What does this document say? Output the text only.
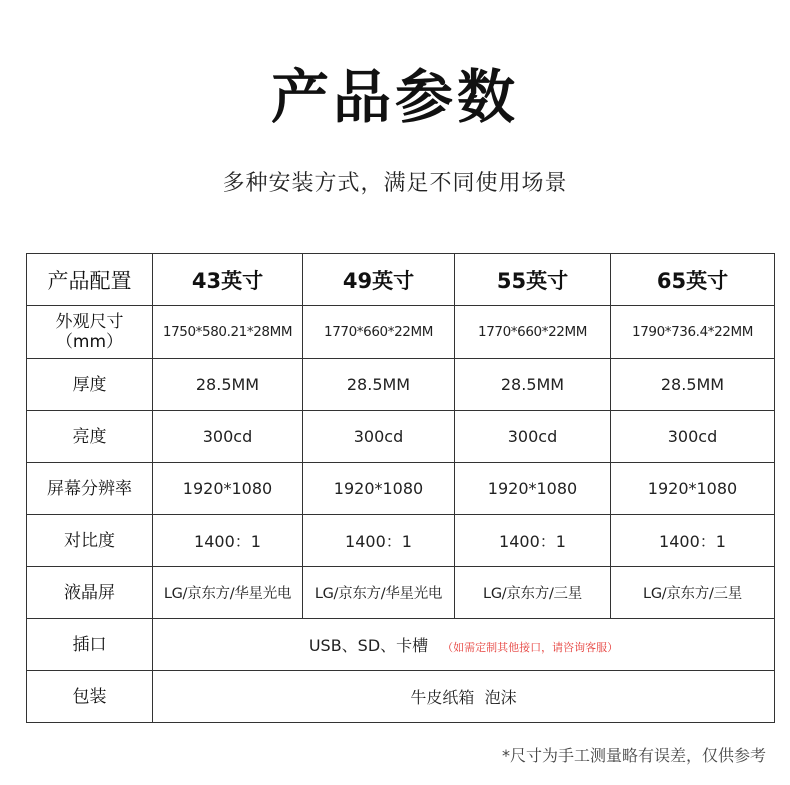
产品参数
多种安装方式，满足不同使用场景
产品配置	43英寸	49英寸	55英寸	65英寸

外观尺寸
（mm）	1750*580.21*28MM	1770*660*22MM	1770*660*22MM	1790*736.4*22MM
厚度	28.5MM	28.5MM	28.5MM	28.5MM
亮度	300cd	300cd	300cd	300cd
屏幕分辨率	1920*1080	1920*1080	1920*1080	1920*1080
对比度	1400：1	1400：1	1400：1	1400：1
液晶屏	LG/京东方/华星光电	LG/京东方/华星光电	LG/京东方/三星	LG/京东方/三星
插口	USB、SD、卡槽 （如需定制其他接口，请咨询客服）			
包装	牛皮纸箱  泡沫			
*尺寸为手工测量略有误差，仅供参考
